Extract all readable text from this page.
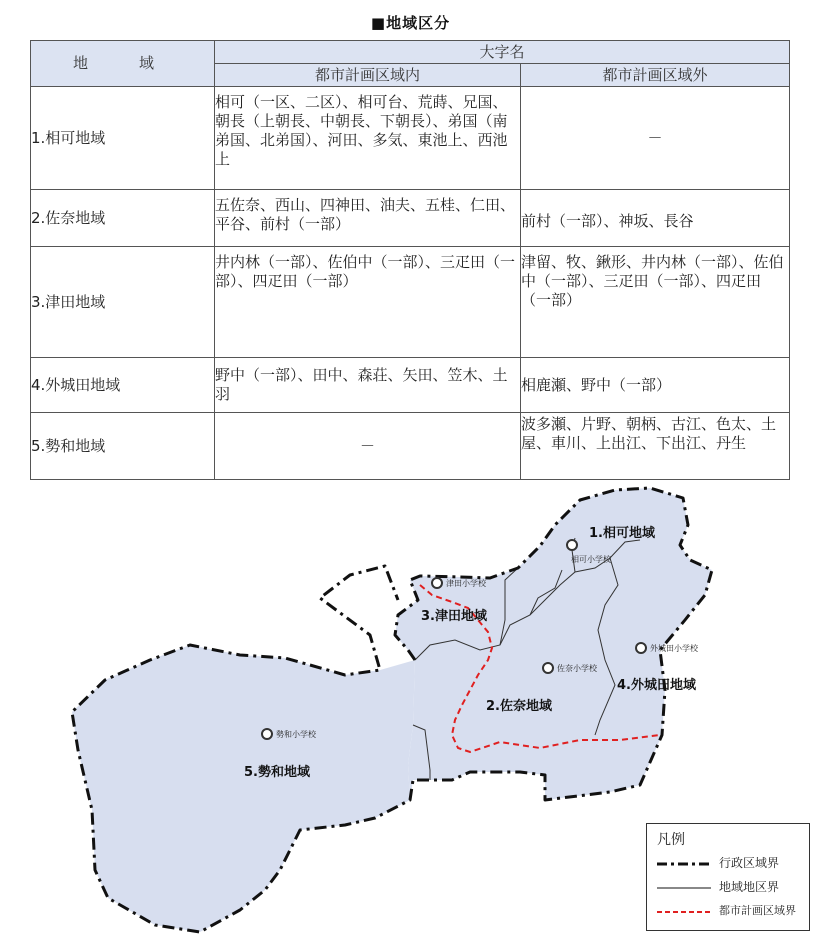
■地域区分
地　域	大字名	
	都市計画区域内	都市計画区域外
1.相可地域	相可（一区、二区）、相可台、荒蒔、兄国、朝長（上朝長、中朝長、下朝長）、弟国（南弟国、北弟国）、河田、多気、東池上、西池上	－
2.佐奈地域	五佐奈、西山、四神田、油夫、五桂、仁田、平谷、前村（一部）	前村（一部）、神坂、長谷
3.津田地域	井内林（一部）、佐伯中（一部）、三疋田（一部）、四疋田（一部）	津留、牧、鍬形、井内林（一部）、佐伯中（一部）、三疋田（一部）、四疋田（一部）
4.外城田地域	野中（一部）、田中、森荘、矢田、笠木、土羽	相鹿瀬、野中（一部）
5.勢和地域	－	波多瀬、片野、朝柄、古江、色太、土屋、車川、上出江、下出江、丹生
相可小学校
佐奈小学校
津田小学校
外城田小学校
勢和小学校
1.相可地域
2.佐奈地域
3.津田地域
4.外城田地域
5.勢和地域
凡例
行政区域界
地域地区界
都市計画区域界
